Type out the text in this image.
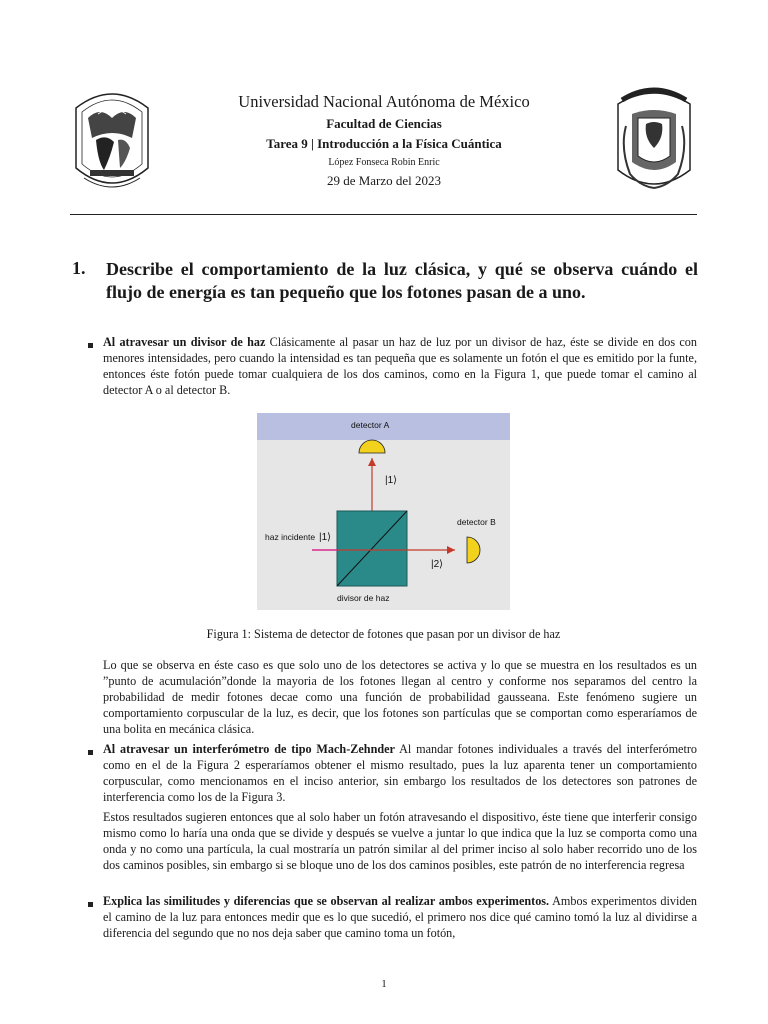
Universidad Nacional Autónoma de México

Facultad de Ciencias

Tarea 9 | Introducción a la Física Cuántica

López Fonseca Robin Enric

29 de Marzo del 2023

1. Describe el comportamiento de la luz clásica, y qué se observa cuándo el flujo de energía es tan pequeño que los fotones pasan de a uno.

Al atravesar un divisor de haz Clásicamente al pasar un haz de luz por un divisor de haz, éste se divide en dos con menores intensidades, pero cuando la intensidad es tan pequeña que es solamente un fotón el que es emitido por la funte, entonces éste fotón puede tomar cualquiera de los dos caminos, como en la Figura 1, que puede tomar el camino al detector A o al detector B.

detector A
|1⟩
haz incidente |1⟩
detector B
|2⟩
divisor de haz
Figura 1: Sistema de detector de fotones que pasan por un divisor de haz

Lo que se observa en éste caso es que solo uno de los detectores se activa y lo que se muestra en los resultados es un ”punto de acumulación”donde la mayoria de los fotones llegan al centro y conforme nos separamos del centro la probabilidad de medir fotones decae como una función de probabilidad gausseana. Este fenómeno sugiere un comportamiento corpuscular de la luz, es decir, que los fotones son partículas que se comportan como esperaríamos de una bolita en mecánica clásica.

Al atravesar un interferómetro de tipo Mach-Zehnder Al mandar fotones individuales a través del interferómetro como en el de la Figura 2 esperaríamos obtener el mismo resultado, pues la luz aparenta tener un comportamiento corpuscular, como mencionamos en el inciso anterior, sin embargo los resultados de los detectores son patrones de interferencia como los de la Figura 3.

Estos resultados sugieren entonces que al solo haber un fotón atravesando el dispositivo, éste tiene que interferir consigo mismo como lo haría una onda que se divide y después se vuelve a juntar lo que indica que la luz se comporta como una onda y no como una partícula, la cual mostraría un patrón similar al del primer inciso al solo haber recorrido uno de los dos caminos posibles, sin embargo si se bloque uno de los dos caminos posibles, este patrón de no interferencia regresa

Explica las similitudes y diferencias que se observan al realizar ambos experimentos. Ambos experimentos dividen el camino de la luz para entonces medir que es lo que sucedió, el primero nos dice qué camino tomó la luz al dividirse a diferencia del segundo que no nos deja saber que camino toma un fotón,

1
